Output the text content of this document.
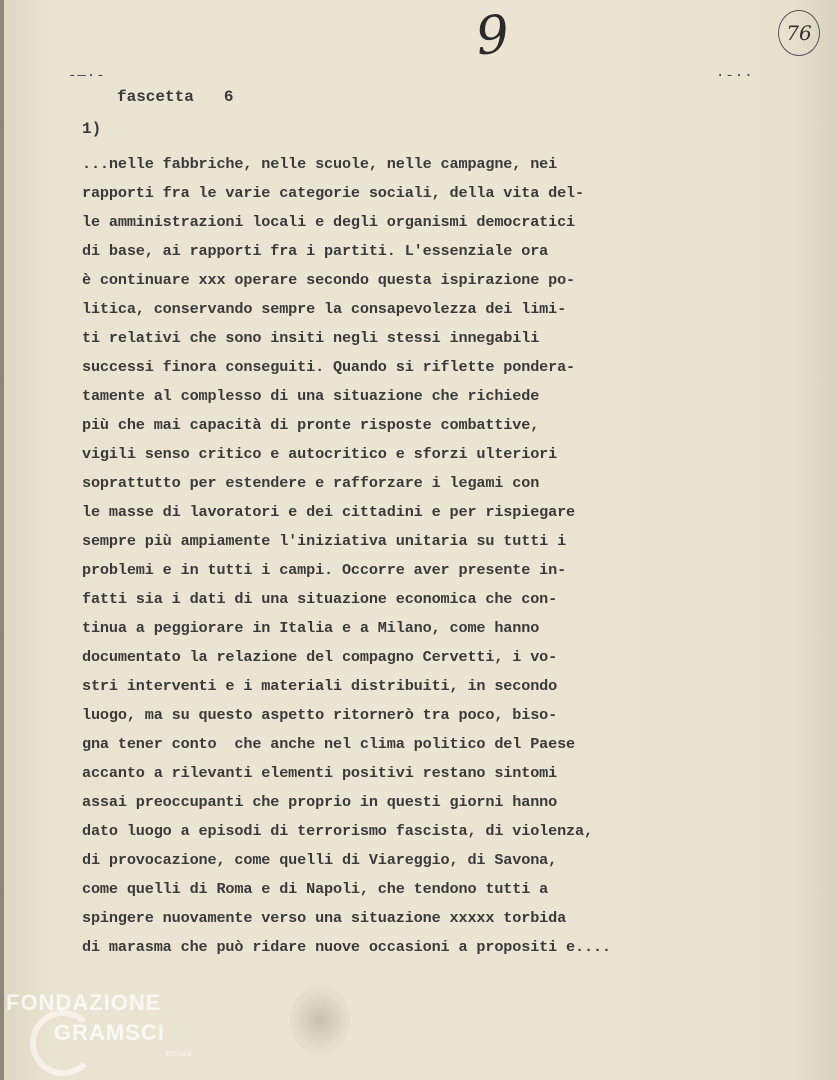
9	76
-—·-	·-··
fascetta 6
1)
...nelle fabbriche, nelle scuole, nelle campagne, nei
rapporti fra le varie categorie sociali, della vita del-
le amministrazioni locali e degli organismi democratici
di base, ai rapporti fra i partiti. L'essenziale ora
è continuare xxx operare secondo questa ispirazione po-
litica, conservando sempre la consapevolezza dei limi-
ti relativi che sono insiti negli stessi innegabili
successi finora conseguiti. Quando si riflette pondera-
tamente al complesso di una situazione che richiede
più che mai capacità di pronte risposte combattive,
vigili senso critico e autocritico e sforzi ulteriori
soprattutto per estendere e rafforzare i legami con
le masse di lavoratori e dei cittadini e per rispiegare
sempre più ampiamente l'iniziativa unitaria su tutti i
problemi e in tutti i campi. Occorre aver presente in-
fatti sia i dati di una situazione economica che con-
tinua a peggiorare in Italia e a Milano, come hanno
documentato la relazione del compagno Cervetti, i vo-
stri interventi e i materiali distribuiti, in secondo
luogo, ma su questo aspetto ritornerò tra poco, biso-
gna tener conto  che anche nel clima politico del Paese
accanto a rilevanti elementi positivi restano sintomi
assai preoccupanti che proprio in questi giorni hanno
dato luogo a episodi di terrorismo fascista, di violenza,
di provocazione, come quelli di Viareggio, di Savona,
come quelli di Roma e di Napoli, che tendono tutti a
spingere nuovamente verso una situazione xxxxx torbida
di marasma che può ridare nuove occasioni a propositi e....
FONDAZIONE
GRAMSCI
onlus
